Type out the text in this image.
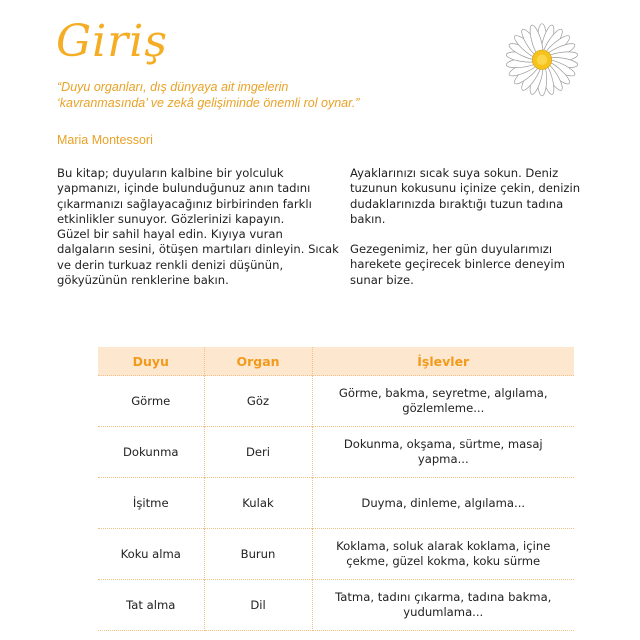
Giriş
“Duyu organları, dış dünyaya ait imgelerin ‘kavranmasında’ ve zekâ gelişiminde önemli rol oynar.”
Maria Montessori

Bu kitap; duyuların kalbine bir yolculuk yapmanızı, içinde bulunduğunuz anın tadını çıkarmanızı sağlayacağınız birbirinden farklı etkinlikler sunuyor. Gözlerinizi kapayın.

Güzel bir sahil hayal edin. Kıyıya vuran dalgaların sesini, ötüşen martıları dinleyin. Sıcak ve derin turkuaz renkli denizi düşünün, gökyüzünün renklerine bakın.

Ayaklarınızı sıcak suya sokun. Deniz tuzunun kokusunu içinize çekin, denizin dudaklarınızda bıraktığı tuzun tadına bakın.

Gezegenimiz, her gün duyularımızı harekete geçirecek binlerce deneyim sunar bize.

Duyu	Organ	İşlevler
Görme	Göz	Görme, bakma, seyretme, algılama, gözlemleme...
Dokunma	Deri	Dokunma, okşama, sürtme, masaj yapma...
İşitme	Kulak	Duyma, dinleme, algılama...
Koku alma	Burun	Koklama, soluk alarak koklama, içine çekme, güzel kokma, koku sürme
Tat alma	Dil	Tatma, tadını çıkarma, tadına bakma, yudumlama...
